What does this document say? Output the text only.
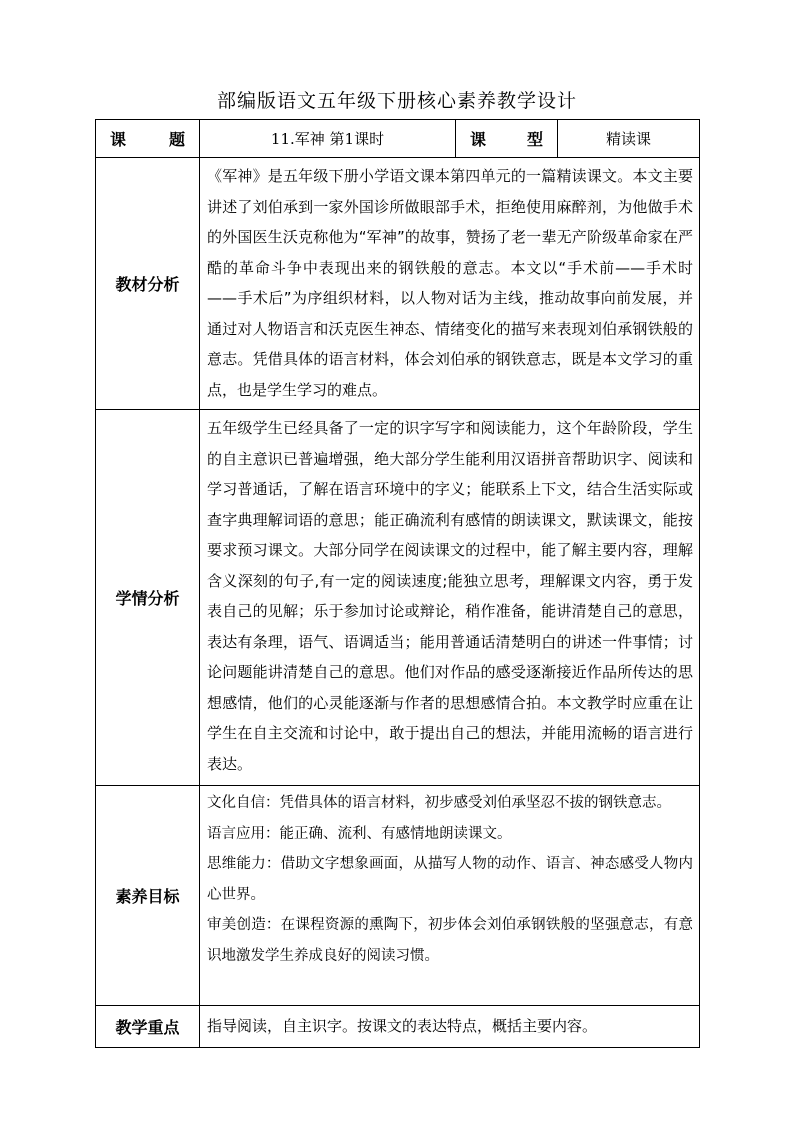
部编版语文五年级下册核心素养教学设计
课　　题	11.军神 第1课时	课　　型	精读课
教材分析	《军神》是五年级下册小学语文课本第四单元的一篇精读课文。本文主要讲述了刘伯承到一家外国诊所做眼部手术，拒绝使用麻醉剂，为他做手术的外国医生沃克称他为“军神”的故事，赞扬了老一辈无产阶级革命家在严酷的革命斗争中表现出来的钢铁般的意志。本文以“手术前——手术时——手术后”为序组织材料，以人物对话为主线，推动故事向前发展，并通过对人物语言和沃克医生神态、情绪变化的描写来表现刘伯承钢铁般的意志。凭借具体的语言材料，体会刘伯承的钢铁意志，既是本文学习的重点，也是学生学习的难点。		
学情分析	五年级学生已经具备了一定的识字写字和阅读能力，这个年龄阶段，学生的自主意识已普遍增强，绝大部分学生能利用汉语拼音帮助识字、阅读和学习普通话，了解在语言环境中的字义；能联系上下文，结合生活实际或查字典理解词语的意思；能正确流利有感情的朗读课文，默读课文，能按要求预习课文。大部分同学在阅读课文的过程中，能了解主要内容，理解含义深刻的句子,有一定的阅读速度;能独立思考，理解课文内容，勇于发表自己的见解；乐于参加讨论或辩论，稍作准备，能讲清楚自己的意思，表达有条理，语气、语调适当；能用普通话清楚明白的讲述一件事情；讨论问题能讲清楚自己的意思。他们对作品的感受逐渐接近作品所传达的思想感情，他们的心灵能逐渐与作者的思想感情合拍。本文教学时应重在让学生在自主交流和讨论中，敢于提出自己的想法，并能用流畅的语言进行表达。		
素养目标	文化自信：凭借具体的语言材料，初步感受刘伯承坚忍不拔的钢铁意志。

语言应用：能正确、流利、有感情地朗读课文。

思维能力：借助文字想象画面，从描写人物的动作、语言、神态感受人物内心世界。

审美创造：在课程资源的熏陶下，初步体会刘伯承钢铁般的坚强意志，有意识地激发学生养成良好的阅读习惯。		

教学重点	指导阅读，自主识字。按课文的表达特点，概括主要内容。		
